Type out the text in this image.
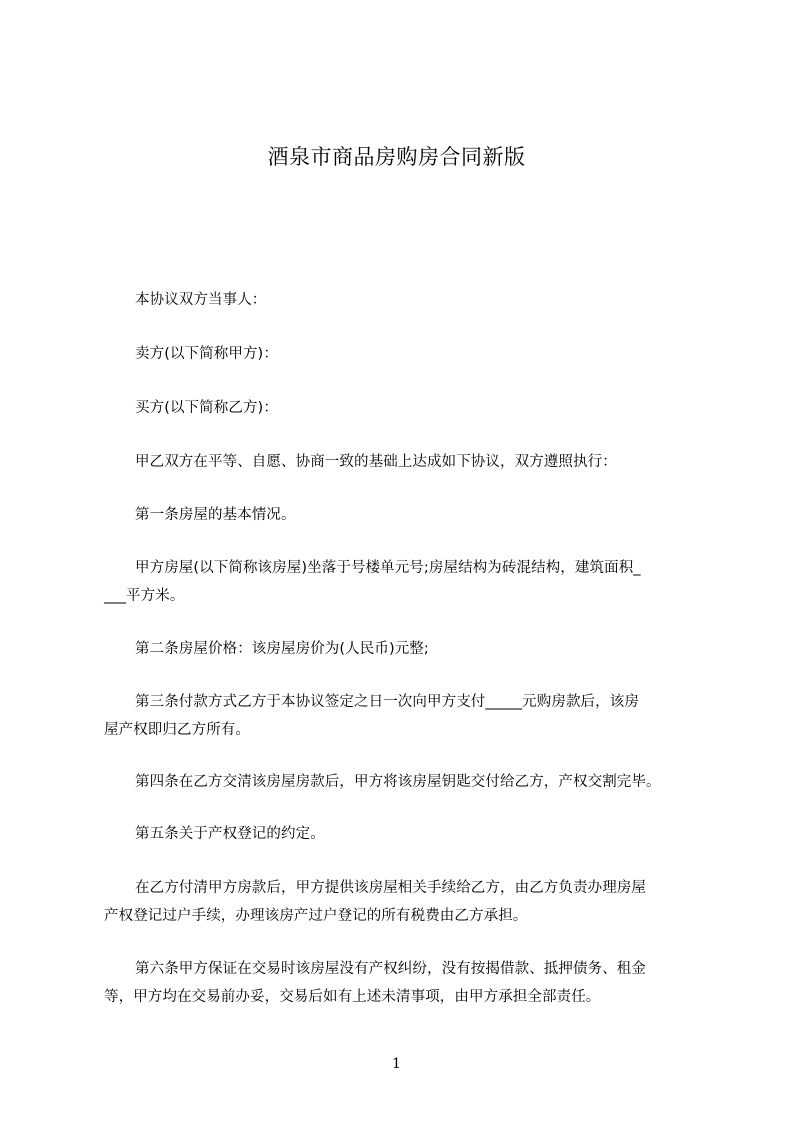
酒泉市商品房购房合同新版

本协议双方当事人：

卖方(以下简称甲方)：

买方(以下简称乙方)：

甲乙双方在平等、自愿、协商一致的基础上达成如下协议，双方遵照执行：

第一条房屋的基本情况。

甲方房屋(以下简称该房屋)坐落于号楼单元号;房屋结构为砖混结构，建筑面积_
___平方米。

第二条房屋价格：该房屋房价为(人民币)元整;

第三条付款方式乙方于本协议签定之日一次向甲方支付_____元购房款后，该房
屋产权即归乙方所有。

第四条在乙方交清该房屋房款后，甲方将该房屋钥匙交付给乙方，产权交割完毕。

第五条关于产权登记的约定。

在乙方付清甲方房款后，甲方提供该房屋相关手续给乙方，由乙方负责办理房屋
产权登记过户手续，办理该房产过户登记的所有税费由乙方承担。

第六条甲方保证在交易时该房屋没有产权纠纷，没有按揭借款、抵押债务、租金
等，甲方均在交易前办妥，交易后如有上述未清事项，由甲方承担全部责任。

1
